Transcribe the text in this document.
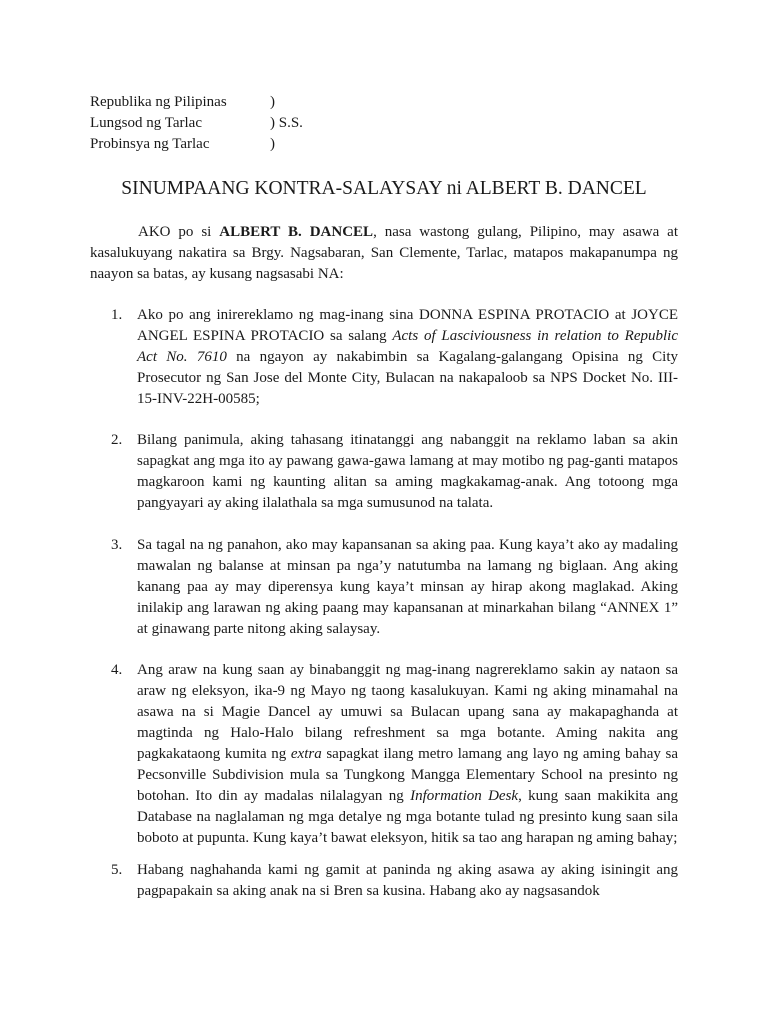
Republika ng Pilipinas	)
Lungsod ng Tarlac	) S.S.
Probinsya ng Tarlac	)
SINUMPAANG KONTRA-SALAYSAY ni ALBERT B. DANCEL

AKO po si ALBERT B. DANCEL, nasa wastong gulang, Pilipino, may asawa at kasalukuyang nakatira sa Brgy. Nagsabaran, San Clemente, Tarlac, matapos makapanumpa ng naayon sa batas, ay kusang nagsasabi NA:

1. Ako po ang inirereklamo ng mag-inang sina DONNA ESPINA PROTACIO at JOYCE ANGEL ESPINA PROTACIO sa salang Acts of Lasciviousness in relation to Republic Act No. 7610 na ngayon ay nakabimbin sa Kagalang-galangang Opisina ng City Prosecutor ng San Jose del Monte City, Bulacan na nakapaloob sa NPS Docket No. III-15-INV-22H-00585;

2. Bilang panimula, aking tahasang itinatanggi ang nabanggit na reklamo laban sa akin sapagkat ang mga ito ay pawang gawa-gawa lamang at may motibo ng pag-ganti matapos magkaroon kami ng kaunting alitan sa aming magkakamag-anak. Ang totoong mga pangyayari ay aking ilalathala sa mga sumusunod na talata.

3. Sa tagal na ng panahon, ako may kapansanan sa aking paa. Kung kaya’t ako ay madaling mawalan ng balanse at minsan pa nga’y natutumba na lamang ng biglaan. Ang aking kanang paa ay may diperensya kung kaya’t minsan ay hirap akong maglakad. Aking inilakip ang larawan ng aking paang may kapansanan at minarkahan bilang “ANNEX 1” at ginawang parte nitong aking salaysay.

4. Ang araw na kung saan ay binabanggit ng mag-inang nagrereklamo sakin ay nataon sa araw ng eleksyon, ika-9 ng Mayo ng taong kasalukuyan. Kami ng aking minamahal na asawa na si Magie Dancel ay umuwi sa Bulacan upang sana ay makapaghanda at magtinda ng Halo-Halo bilang refreshment sa mga botante. Aming nakita ang pagkakataong kumita ng extra sapagkat ilang metro lamang ang layo ng aming bahay sa Pecsonville Subdivision mula sa Tungkong Mangga Elementary School na presinto ng botohan. Ito din ay madalas nilalagyan ng Information Desk, kung saan makikita ang Database na naglalaman ng mga detalye ng mga botante tulad ng presinto kung saan sila boboto at pupunta. Kung kaya’t bawat eleksyon, hitik sa tao ang harapan ng aming bahay;

5. Habang naghahanda kami ng gamit at paninda ng aking asawa ay aking isiningit ang pagpapakain sa aking anak na si Bren sa kusina. Habang ako ay nagsasandok
